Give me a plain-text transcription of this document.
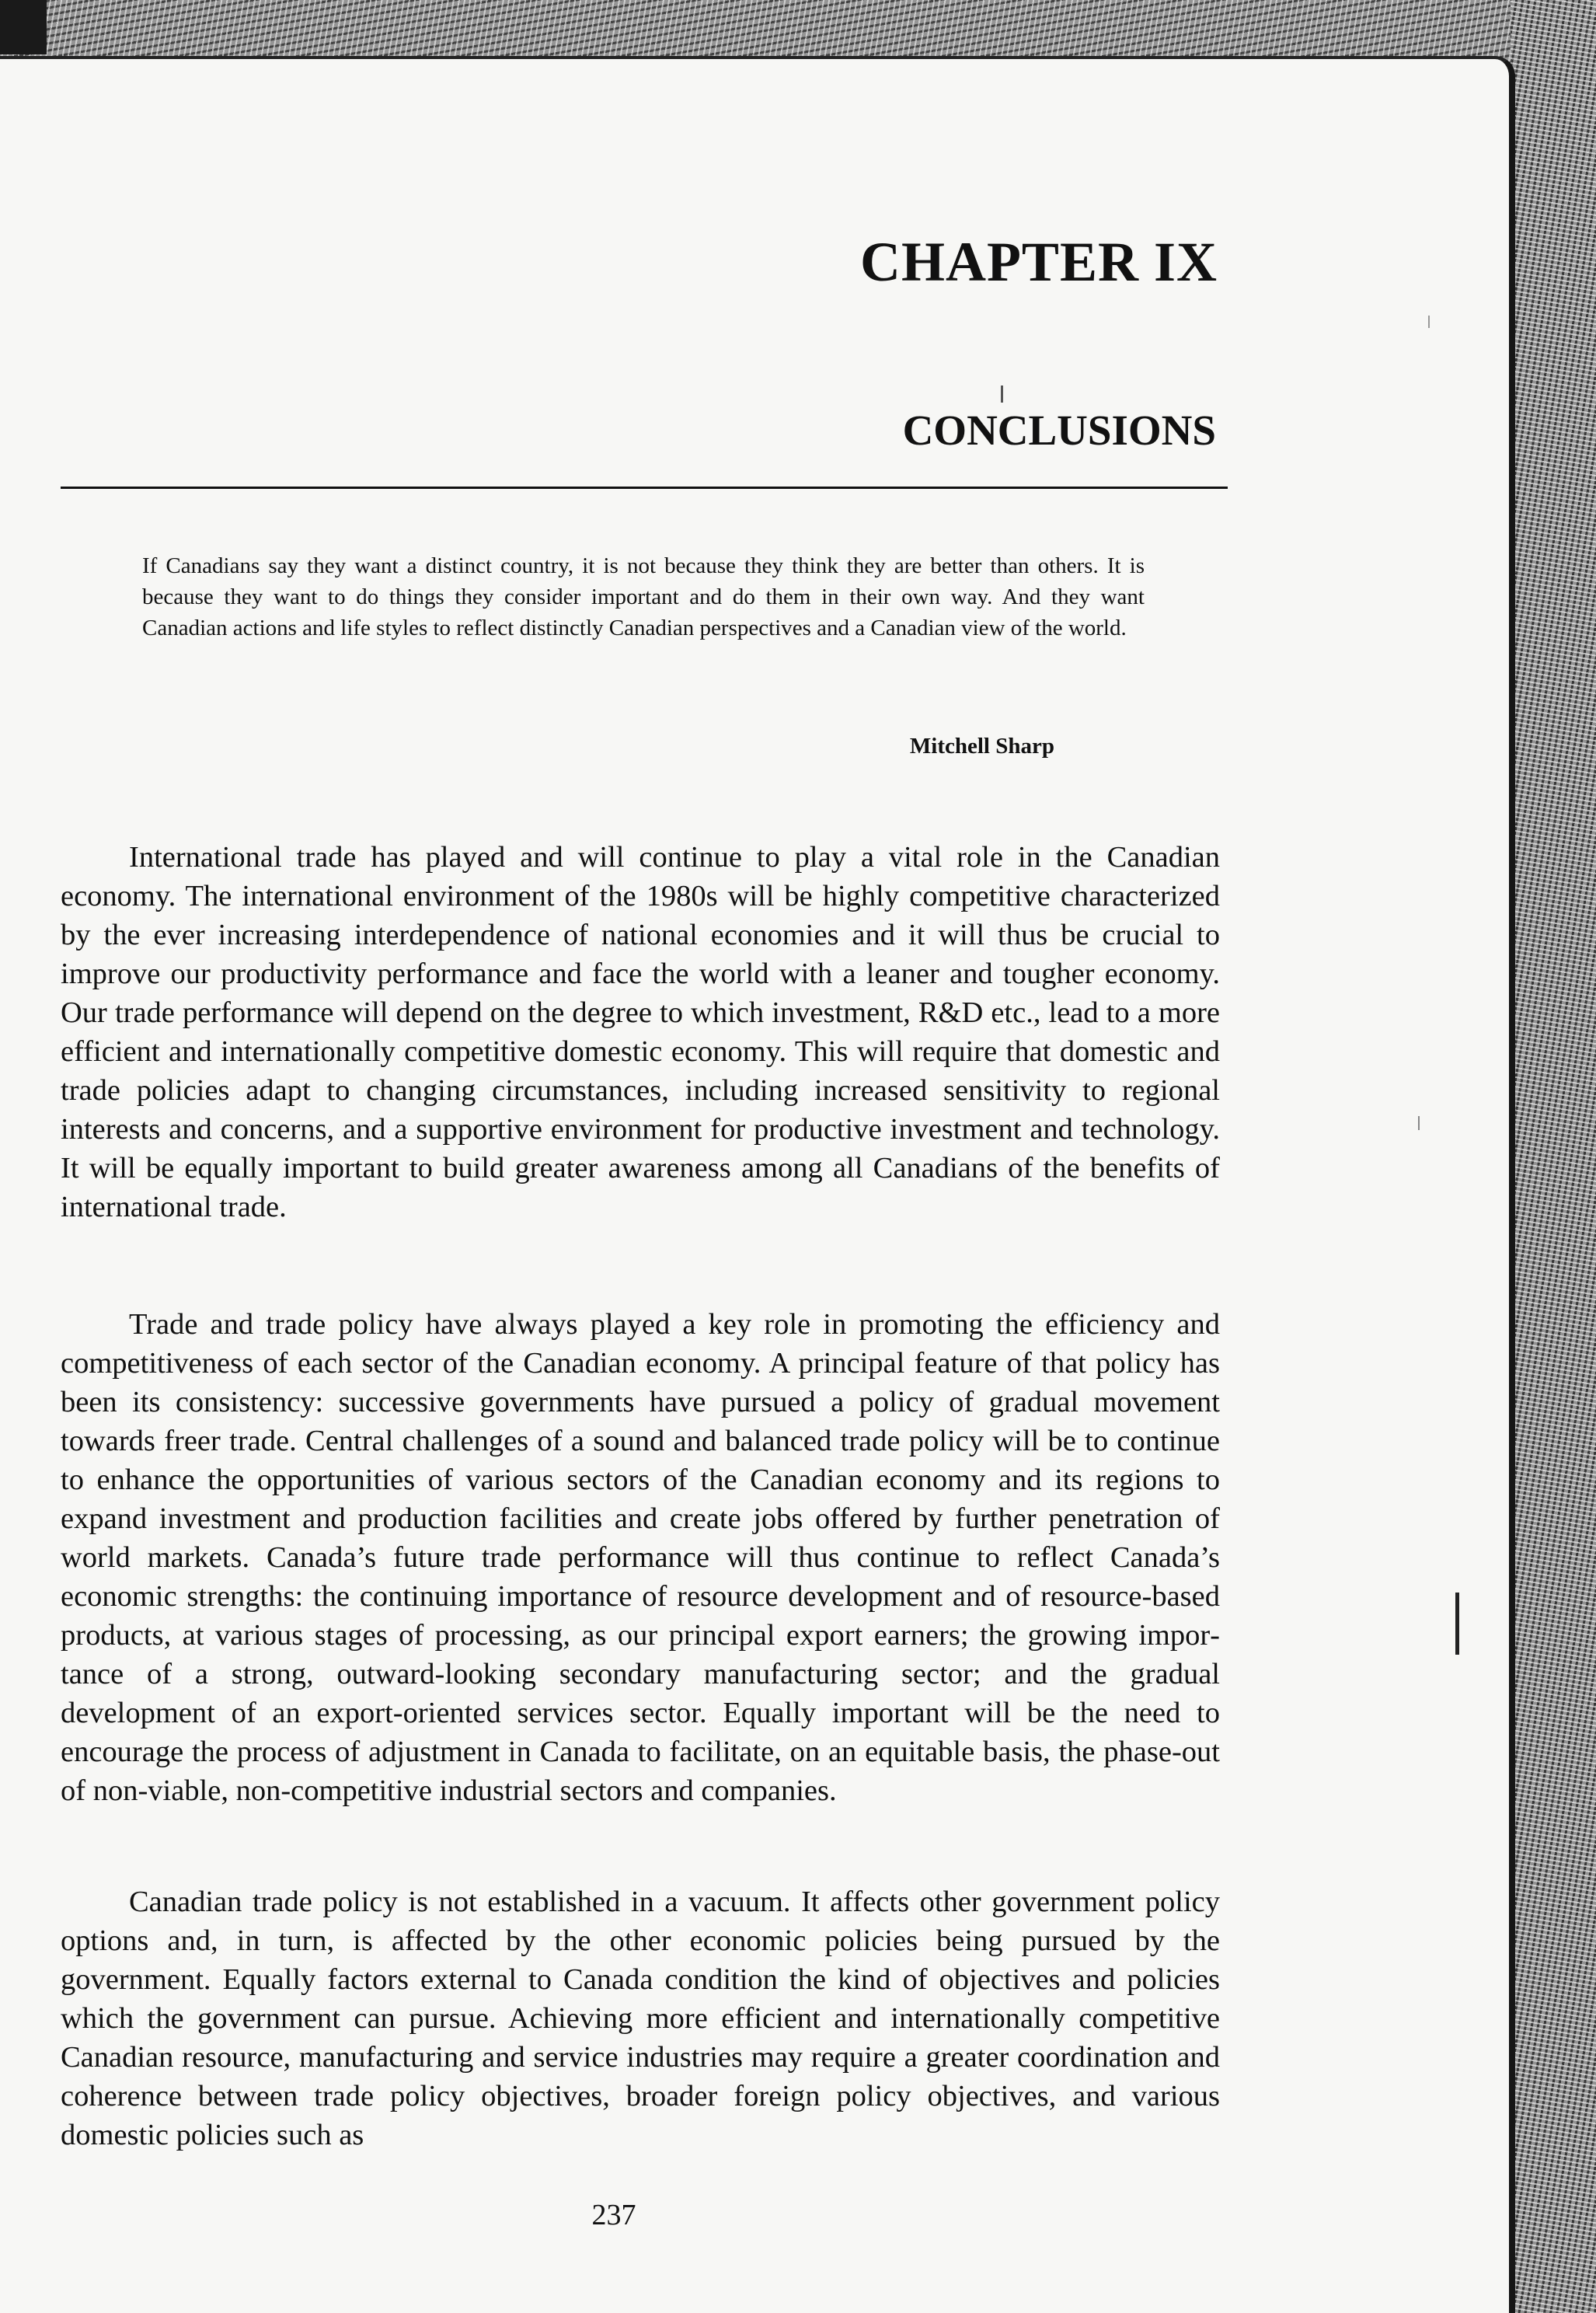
CHAPTER IX
CONCLUSIONS

If Canadians say they want a distinct country, it is not because they think they are better than others. It is because they want to do things they consider important and do them in their own way. And they want Canadian actions and life styles to reflect distinctly Canadian perspectives and a Canadian view of the world.

Mitchell Sharp

International trade has played and will continue to play a vital role in the Canadian economy. The international environment of the 1980s will be highly competitive characterized by the ever increasing interdependence of national economies and it will thus be crucial to improve our productivity performance and face the world with a leaner and tougher economy. Our trade performance will depend on the degree to which investment, R&D etc., lead to a more efficient and internationally competitive domestic economy. This will require that domestic and trade policies adapt to changing circumstances, including increased sensitivity to regional interests and concerns, and a supportive environment for productive investment and technology. It will be equally important to build greater awareness among all Canadians of the benefits of international trade.

Trade and trade policy have always played a key role in promoting the efficiency and competitiveness of each sector of the Canadian economy. A principal feature of that policy has been its consistency: successive governments have pursued a policy of gradual movement towards freer trade. Central challenges of a sound and balanced trade policy will be to continue to enhance the opportunities of various sectors of the Canadian economy and its regions to expand investment and production facilities and create jobs offered by further penetration of world markets. Canada’s future trade performance will thus continue to reflect Canada’s economic strengths: the continuing importance of resource development and of resource-based products, at various stages of processing, as our principal export earners; the growing importance of a strong, outward-looking secondary manufacturing sector; and the gradual development of an export-oriented services sector. Equally important will be the need to encourage the process of adjustment in Canada to facilitate, on an equitable basis, the phase-out of non-viable, non-competitive industrial sectors and companies.

Canadian trade policy is not established in a vacuum. It affects other government policy options and, in turn, is affected by the other economic policies being pursued by the government. Equally factors external to Canada condition the kind of objectives and policies which the government can pursue. Achieving more efficient and internationally competitive Canadian resource, manufacturing and service industries may require a greater coordination and coherence between trade policy objectives, broader foreign policy objectives, and various domestic policies such as

237
